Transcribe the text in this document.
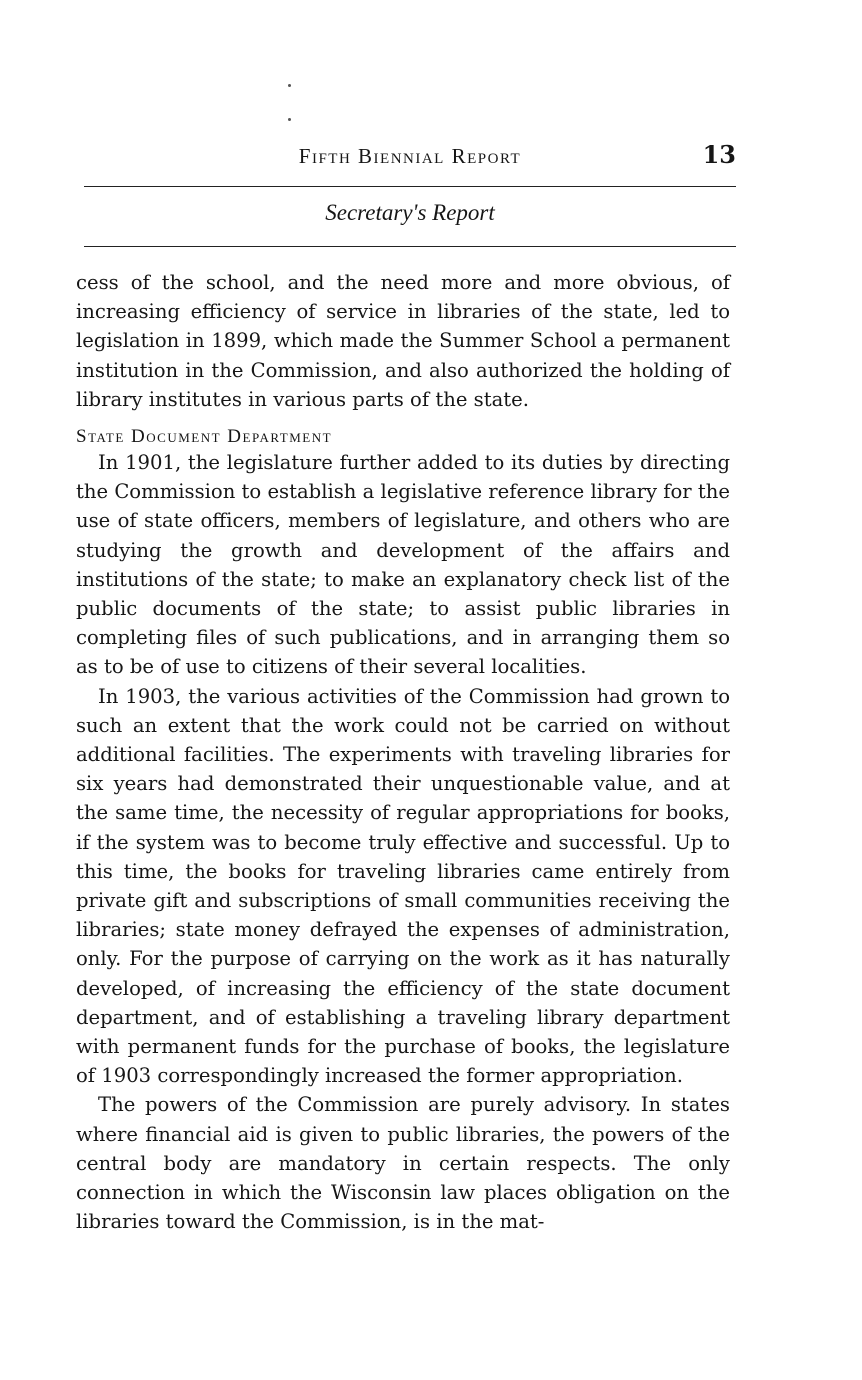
Fifth Biennial Report	13
Secretary's Report

cess of the school, and the need more and more obvious, of increasing efficiency of service in libraries of the state, led to legislation in 1899, which made the Summer School a permanent institution in the Commission, and also authorized the holding of library institutes in various parts of the state.

State Document Department

In 1901, the legislature further added to its duties by directing the Commission to establish a legislative reference library for the use of state officers, members of legislature, and others who are studying the growth and development of the affairs and institutions of the state; to make an explanatory check list of the public documents of the state; to assist public libraries in completing files of such publications, and in arranging them so as to be of use to citizens of their several localities.

In 1903, the various activities of the Commission had grown to such an extent that the work could not be carried on without additional facilities. The experiments with traveling libraries for six years had demonstrated their unquestionable value, and at the same time, the necessity of regular appropriations for books, if the system was to become truly effective and successful. Up to this time, the books for traveling libraries came entirely from private gift and subscriptions of small communities receiving the libraries; state money defrayed the expenses of administration, only. For the purpose of carrying on the work as it has naturally developed, of increasing the efficiency of the state document department, and of establishing a traveling library department with permanent funds for the purchase of books, the legislature of 1903 correspondingly increased the former appropriation.

The powers of the Commission are purely advisory. In states where financial aid is given to public libraries, the powers of the central body are mandatory in certain respects. The only connection in which the Wisconsin law places obligation on the libraries toward the Commission, is in the mat-
